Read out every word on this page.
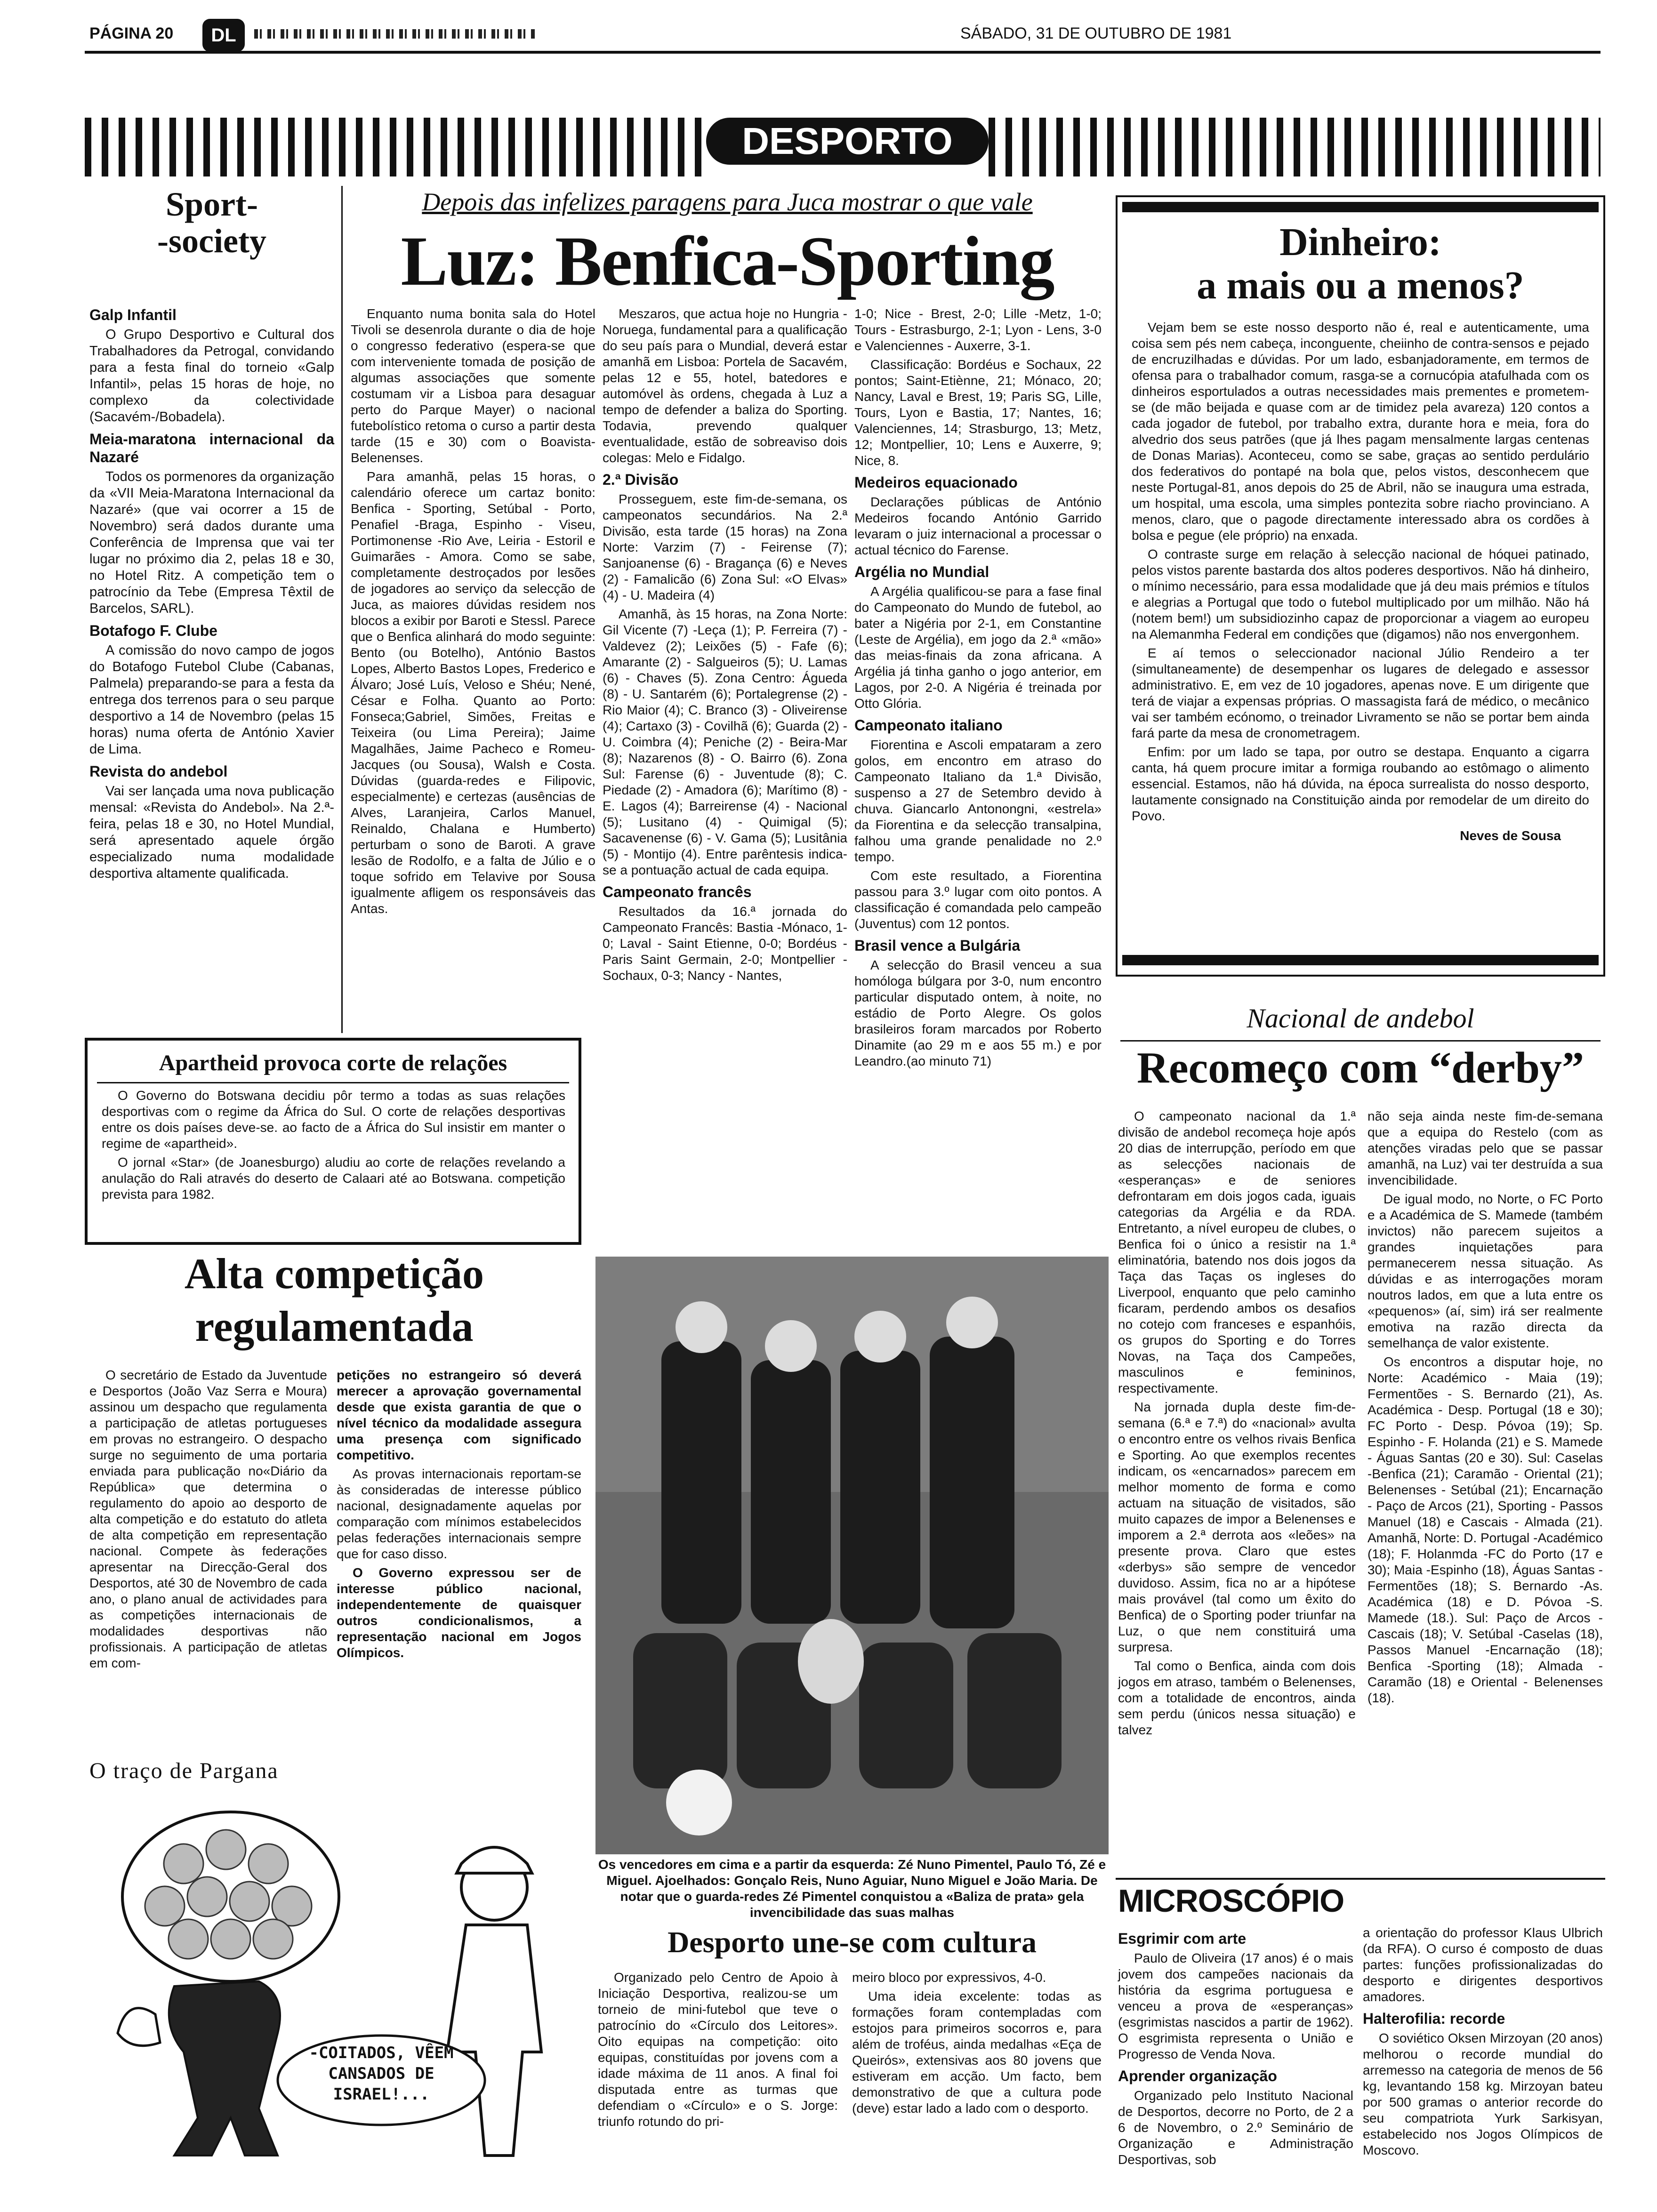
PÁGINA 20	DL	SÁBADO, 31 DE OUTUBRO DE 1981
DESPORTO
Sport-
-society
Galp Infantil

O Grupo Desportivo e Cultural dos Trabalhadores da Petrogal, convidando para a festa final do torneio «Galp Infantil», pelas 15 horas de hoje, no complexo da colectividade (Sacavém-/Bobadela).

Meia-maratona internacional da Nazaré

Todos os pormenores da organização da «VII Meia-Maratona Internacional da Nazaré» (que vai ocorrer a 15 de Novembro) será dados durante uma Conferência de Imprensa que vai ter lugar no próximo dia 2, pelas 18 e 30, no Hotel Ritz. A competição tem o patrocínio da Tebe (Empresa Têxtil de Barcelos, SARL).

Botafogo F. Clube

A comissão do novo campo de jogos do Botafogo Futebol Clube (Cabanas, Palmela) preparando-se para a festa da entrega dos terrenos para o seu parque desportivo a 14 de Novembro (pelas 15 horas) numa oferta de António Xavier de Lima.

Revista do andebol

Vai ser lançada uma nova publicação mensal: «Revista do Andebol». Na 2.ª-feira, pelas 18 e 30, no Hotel Mundial, será apresentado aquele órgão especializado numa modalidade desportiva altamente qualificada.

Depois das infelizes paragens para Juca mostrar o que vale
Luz: Benfica-Sporting

Enquanto numa bonita sala do Hotel Tivoli se desenrola durante o dia de hoje o congresso federativo (espera-se que com interveniente tomada de posição de algumas associações que somente costumam vir a Lisboa para desaguar perto do Parque Mayer) o nacional futebolístico retoma o curso a partir desta tarde (15 e 30) com o Boavista-Belenenses.

Para amanhã, pelas 15 horas, o calendário oferece um cartaz bonito: Benfica - Sporting, Setúbal - Porto, Penafiel -Braga, Espinho - Viseu, Portimonense -Rio Ave, Leiria - Estoril e Guimarães - Amora. Como se sabe, completamente destroçados por lesões de jogadores ao serviço da selecção de Juca, as maiores dúvidas residem nos blocos a exibir por Baroti e Stessl. Parece que o Benfica alinhará do modo seguinte: Bento (ou Botelho), António Bastos Lopes, Alberto Bastos Lopes, Frederico e Álvaro; José Luís, Veloso e Shéu; Nené, César e Folha. Quanto ao Porto: Fonseca;Gabriel, Simões, Freitas e Teixeira (ou Lima Pereira); Jaime Magalhães, Jaime Pacheco e Romeu- Jacques (ou Sousa), Walsh e Costa. Dúvidas (guarda-redes e Filipovic, especialmente) e certezas (ausências de Alves, Laranjeira, Carlos Manuel, Reinaldo, Chalana e Humberto) perturbam o sono de Baroti. A grave lesão de Rodolfo, e a falta de Júlio e o toque sofrido em Telavive por Sousa igualmente afligem os responsáveis das Antas.

Meszaros, que actua hoje no Hungria - Noruega, fundamental para a qualificação do seu país para o Mundial, deverá estar amanhã em Lisboa: Portela de Sacavém, pelas 12 e 55, hotel, batedores e automóvel às ordens, chegada à Luz a tempo de defender a baliza do Sporting. Todavia, prevendo qualquer eventualidade, estão de sobreaviso dois colegas: Melo e Fidalgo.

2.ª Divisão

Prosseguem, este fim-de-semana, os campeonatos secundários. Na 2.ª Divisão, esta tarde (15 horas) na Zona Norte: Varzim (7) - Feirense (7); Sanjoanense (6) - Bragança (6) e Neves (2) - Famalicão (6) Zona Sul: «O Elvas» (4) - U. Madeira (4)

Amanhã, às 15 horas, na Zona Norte: Gil Vicente (7) -Leça (1); P. Ferreira (7) - Valdevez (2); Leixões (5) - Fafe (6); Amarante (2) - Salgueiros (5); U. Lamas (6) - Chaves (5). Zona Centro: Águeda (8) - U. Santarém (6); Portalegrense (2) - Rio Maior (4); C. Branco (3) - Oliveirense (4); Cartaxo (3) - Covilhã (6); Guarda (2) - U. Coimbra (4); Peniche (2) - Beira-Mar (8); Nazarenos (8) - O. Bairro (6). Zona Sul: Farense (6) - Juventude (8); C. Piedade (2) - Amadora (6); Marítimo (8) - E. Lagos (4); Barreirense (4) - Nacional (5); Lusitano (4) - Quimigal (5); Sacavenense (6) - V. Gama (5); Lusitânia (5) - Montijo (4). Entre parêntesis indica-se a pontuação actual de cada equipa.

Campeonato francês

Resultados da 16.ª jornada do Campeonato Francês: Bastia -Mónaco, 1-0; Laval - Saint Etienne, 0-0; Bordéus - Paris Saint Germain, 2-0; Montpellier -Sochaux, 0-3; Nancy - Nantes,

1-0; Nice - Brest, 2-0; Lille -Metz, 1-0; Tours - Estrasburgo, 2-1; Lyon - Lens, 3-0 e Valenciennes - Auxerre, 3-1.

Classificação: Bordéus e Sochaux, 22 pontos; Saint-Etiènne, 21; Mónaco, 20; Nancy, Laval e Brest, 19; Paris SG, Lille, Tours, Lyon e Bastia, 17; Nantes, 16; Valenciennes, 14; Strasburgo, 13; Metz, 12; Montpellier, 10; Lens e Auxerre, 9; Nice, 8.

Medeiros equacionado

Declarações públicas de António Medeiros focando António Garrido levaram o juiz internacional a processar o actual técnico do Farense.

Argélia no Mundial

A Argélia qualificou-se para a fase final do Campeonato do Mundo de futebol, ao bater a Nigéria por 2-1, em Constantine (Leste de Argélia), em jogo da 2.ª «mão» das meias-finais da zona africana. A Argélia já tinha ganho o jogo anterior, em Lagos, por 2-0. A Nigéria é treinada por Otto Glória.

Campeonato italiano

Fiorentina e Ascoli empataram a zero golos, em encontro em atraso do Campeonato Italiano da 1.ª Divisão, suspenso a 27 de Setembro devido à chuva. Giancarlo Antonongni, «estrela» da Fiorentina e da selecção transalpina, falhou uma grande penalidade no 2.º tempo.

Com este resultado, a Fiorentina passou para 3.º lugar com oito pontos. A classificação é comandada pelo campeão (Juventus) com 12 pontos.

Brasil vence a Bulgária

A selecção do Brasil venceu a sua homóloga búlgara por 3-0, num encontro particular disputado ontem, à noite, no estádio de Porto Alegre. Os golos brasileiros foram marcados por Roberto Dinamite (ao 29 m e aos 55 m.) e por Leandro.(ao minuto 71)

Dinheiro:
a mais ou a menos?

Vejam bem se este nosso desporto não é, real e autenticamente, uma coisa sem pés nem cabeça, inconguente, cheiinho de contra-sensos e pejado de encruzilhadas e dúvidas. Por um lado, esbanjadoramente, em termos de ofensa para o trabalhador comum, rasga-se a cornucópia atafulhada com os dinheiros esportulados a outras necessidades mais prementes e prometem-se (de mão beijada e quase com ar de timidez pela avareza) 120 contos a cada jogador de futebol, por trabalho extra, durante hora e meia, fora do alvedrio dos seus patrões (que já lhes pagam mensalmente largas centenas de Donas Marias). Aconteceu, como se sabe, graças ao sentido perdulário dos federativos do pontapé na bola que, pelos vistos, desconhecem que neste Portugal-81, anos depois do 25 de Abril, não se inaugura uma estrada, um hospital, uma escola, uma simples pontezita sobre riacho provinciano. A menos, claro, que o pagode directamente interessado abra os cordões à bolsa e pegue (ele próprio) na enxada.

O contraste surge em relação à selecção nacional de hóquei patinado, pelos vistos parente bastarda dos altos poderes desportivos. Não há dinheiro, o mínimo necessário, para essa modalidade que já deu mais prémios e títulos e alegrias a Portugal que todo o futebol multiplicado por um milhão. Não há (notem bem!) um subsidiozinho capaz de proporcionar a viagem ao europeu na Alemanmha Federal em condições que (digamos) não nos envergonhem.

E aí temos o seleccionador nacional Júlio Rendeiro a ter (simultaneamente) de desempenhar os lugares de delegado e assessor administrativo. E, em vez de 10 jogadores, apenas nove. E um dirigente que terá de viajar a expensas próprias. O massagista fará de médico, o mecânico vai ser também ecónomo, o treinador Livramento se não se portar bem ainda fará parte da mesa de cronometragem.

Enfim: por um lado se tapa, por outro se destapa. Enquanto a cigarra canta, há quem procure imitar a formiga roubando ao estômago o alimento essencial. Estamos, não há dúvida, na época surrealista do nosso desporto, lautamente consignado na Constituição ainda por remodelar de um direito do Povo.

Neves de Sousa
Apartheid provoca corte de relações

O Governo do Botswana decidiu pôr termo a todas as suas relações desportivas com o regime da África do Sul. O corte de relações desportivas entre os dois países deve-se. ao facto de a África do Sul insistir em manter o regime de «apartheid».

O jornal «Star» (de Joanesburgo) aludiu ao corte de relações revelando a anulação do Rali através do deserto de Calaari até ao Botswana. competição prevista para 1982.

Alta competição
regulamentada

O secretário de Estado da Juventude e Desportos (João Vaz Serra e Moura) assinou um despacho que regulamenta a participação de atletas portugueses em provas no estrangeiro. O despacho surge no seguimento de uma portaria enviada para publicação no«Diário da República» que determina o regulamento do apoio ao desporto de alta competição e do estatuto do atleta de alta competição em representação nacional. Compete às federações apresentar na Direcção-Geral dos Desportos, até 30 de Novembro de cada ano, o plano anual de actividades para as competições internacionais de modalidades desportivas não profissionais. A participação de atletas em com-

petições no estrangeiro só deverá merecer a aprovação governamental desde que exista garantia de que o nível técnico da modalidade assegura uma presença com significado competitivo.

As provas internacionais reportam-se às consideradas de interesse público nacional, designadamente aquelas por comparação com mínimos estabelecidos pelas federações internacionais sempre que for caso disso.

O Governo expressou ser de interesse público nacional, independentemente de quaisquer outros condicionalismos, a representação nacional em Jogos Olímpicos.

O traço de Pargana
-COITADOS, VÊEM CANSADOS DE ISRAEL!...
Os vencedores em cima e a partir da esquerda: Zé Nuno Pimentel, Paulo Tó, Zé e Miguel. Ajoelhados: Gonçalo Reis, Nuno Aguiar, Nuno Miguel e João Maria. De notar que o guarda-redes Zé Pimentel conquistou a «Baliza de prata» gela invencibilidade das suas malhas
Desporto une-se com cultura

Organizado pelo Centro de Apoio à Iniciação Desportiva, realizou-se um torneio de mini-futebol que teve o patrocínio do «Círculo dos Leitores». Oito equipas na competição: oito equipas, constituídas por jovens com a idade máxima de 11 anos. A final foi disputada entre as turmas que defendiam o «Círculo» e o S. Jorge: triunfo rotundo do pri-

meiro bloco por expressivos, 4-0.

Uma ideia excelente: todas as formações foram contempladas com estojos para primeiros socorros e, para além de troféus, ainda medalhas «Eça de Queirós», extensivas aos 80 jovens que estiveram em acção. Um facto, bem demonstrativo de que a cultura pode (deve) estar lado a lado com o desporto.

Nacional de andebol
Recomeço com “derby”

O campeonato nacional da 1.ª divisão de andebol recomeça hoje após 20 dias de interrupção, período em que as selecções nacionais de «esperanças» e de seniores defrontaram em dois jogos cada, iguais categorias da Argélia e da RDA. Entretanto, a nível europeu de clubes, o Benfica foi o único a resistir na 1.ª eliminatória, batendo nos dois jogos da Taça das Taças os ingleses do Liverpool, enquanto que pelo caminho ficaram, perdendo ambos os desafios no cotejo com franceses e espanhóis, os grupos do Sporting e do Torres Novas, na Taça dos Campeões, masculinos e femininos, respectivamente.

Na jornada dupla deste fim-de-semana (6.ª e 7.ª) do «nacional» avulta o encontro entre os velhos rivais Benfica e Sporting. Ao que exemplos recentes indicam, os «encarnados» parecem em melhor momento de forma e como actuam na situação de visitados, são muito capazes de impor a Belenenses e imporem a 2.ª derrota aos «leões» na presente prova. Claro que estes «derbys» são sempre de vencedor duvidoso. Assim, fica no ar a hipótese mais provável (tal como um êxito do Benfica) de o Sporting poder triunfar na Luz, o que nem constituirá uma surpresa.

Tal como o Benfica, ainda com dois jogos em atraso, também o Belenenses, com a totalidade de encontros, ainda sem perdu (únicos nessa situação) e talvez

não seja ainda neste fim-de-semana que a equipa do Restelo (com as atenções viradas pelo que se passar amanhã, na Luz) vai ter destruída a sua invencibilidade.

De igual modo, no Norte, o FC Porto e a Académica de S. Mamede (também invictos) não parecem sujeitos a grandes inquietações para permanecerem nessa situação. As dúvidas e as interrogações moram noutros lados, em que a luta entre os «pequenos» (aí, sim) irá ser realmente emotiva na razão directa da semelhança de valor existente.

Os encontros a disputar hoje, no Norte: Académico - Maia (19); Fermentões - S. Bernardo (21), As. Académica - Desp. Portugal (18 e 30); FC Porto - Desp. Póvoa (19); Sp. Espinho - F. Holanda (21) e S. Mamede - Águas Santas (20 e 30). Sul: Caselas -Benfica (21); Caramão - Oriental (21); Belenenses - Setúbal (21); Encarnação - Paço de Arcos (21), Sporting - Passos Manuel (18) e Cascais - Almada (21). Amanhã, Norte: D. Portugal -Académico (18); F. Holanmda -FC do Porto (17 e 30); Maia -Espinho (18), Águas Santas -Fermentões (18); S. Bernardo -As. Académica (18) e D. Póvoa -S. Mamede (18.). Sul: Paço de Arcos - Cascais (18); V. Setúbal -Caselas (18), Passos Manuel -Encarnação (18); Benfica -Sporting (18); Almada - Caramão (18) e Oriental - Belenenses (18).

MICROSCÓPIO
Esgrimir com arte

Paulo de Oliveira (17 anos) é o mais jovem dos campeões nacionais da história da esgrima portuguesa e venceu a prova de «esperanças» (esgrimistas nascidos a partir de 1962). O esgrimista representa o União e Progresso de Venda Nova.

Aprender organização

Organizado pelo Instituto Nacional de Desportos, decorre no Porto, de 2 a 6 de Novembro, o 2.º Seminário de Organização e Administração Desportivas, sob

a orientação do professor Klaus Ulbrich (da RFA). O curso é composto de duas partes: funções profissionalizadas do desporto e dirigentes desportivos amadores.

Halterofilia: recorde

O soviético Oksen Mirzoyan (20 anos) melhorou o recorde mundial do arremesso na categoria de menos de 56 kg, levantando 158 kg. Mirzoyan bateu por 500 gramas o anterior recorde do seu compatriota Yurk Sarkisyan, estabelecido nos Jogos Olímpicos de Moscovo.
